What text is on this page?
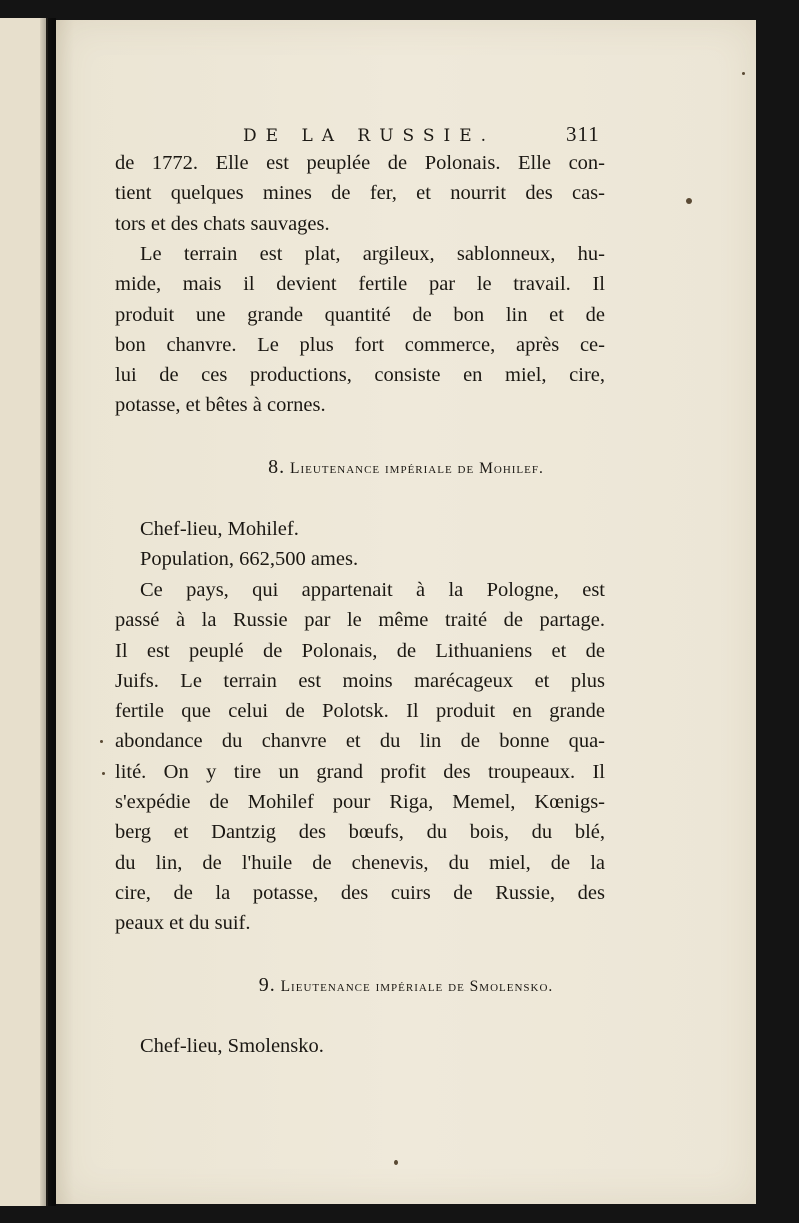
DE LA RUSSIE.	311
de 1772. Elle est peuplée de Polonais. Elle con-
tient quelques mines de fer, et nourrit des cas-
tors et des chats sauvages.
Le terrain est plat, argileux, sablonneux, hu-
mide, mais il devient fertile par le travail. Il
produit une grande quantité de bon lin et de
bon chanvre. Le plus fort commerce, après ce-
lui de ces productions, consiste en miel, cire,
potasse, et bêtes à cornes.
8. Lieutenance impériale de Mohilef.
Chef-lieu, Mohilef.
Population, 662,500 ames.
Ce pays, qui appartenait à la Pologne, est
passé à la Russie par le même traité de partage.
Il est peuplé de Polonais, de Lithuaniens et de
Juifs. Le terrain est moins marécageux et plus
fertile que celui de Polotsk. Il produit en grande
abondance du chanvre et du lin de bonne qua-
lité. On y tire un grand profit des troupeaux. Il
s'expédie de Mohilef pour Riga, Memel, Kœnigs-
berg et Dantzig des bœufs, du bois, du blé,
du lin, de l'huile de chenevis, du miel, de la
cire, de la potasse, des cuirs de Russie, des
peaux et du suif.
9. Lieutenance impériale de Smolensko.
Chef-lieu, Smolensko.
